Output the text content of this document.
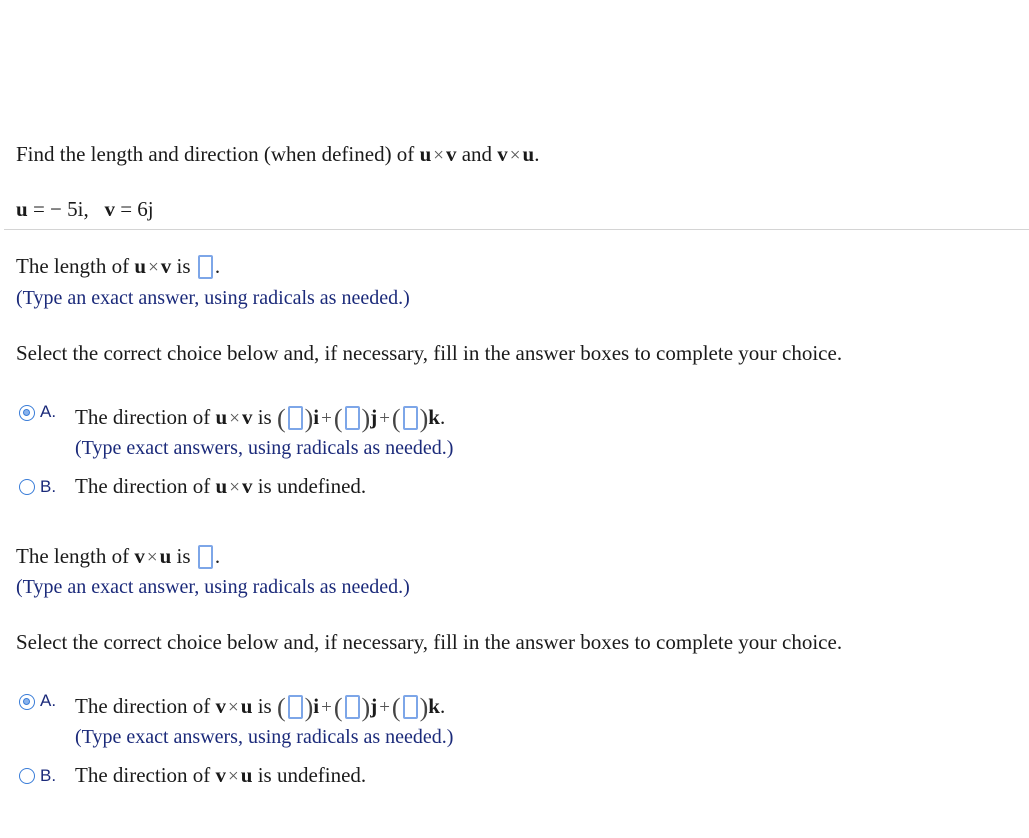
Find the length and direction (when defined) of u ×v and v ×u.
u = − 5i, v = 6j
The length of u ×v is .
(Type an exact answer, using radicals as needed.)
Select the correct choice below and, if necessary, fill in the answer boxes to complete your choice.
A. The direction of u ×v is ( )i +( )j +( )k.
(Type exact answers, using radicals as needed.)
B. The direction of u ×v is undefined.
The length of v ×u is .
(Type an exact answer, using radicals as needed.)
Select the correct choice below and, if necessary, fill in the answer boxes to complete your choice.
A. The direction of v ×u is ( )i +( )j +( )k.
(Type exact answers, using radicals as needed.)
B. The direction of v ×u is undefined.
